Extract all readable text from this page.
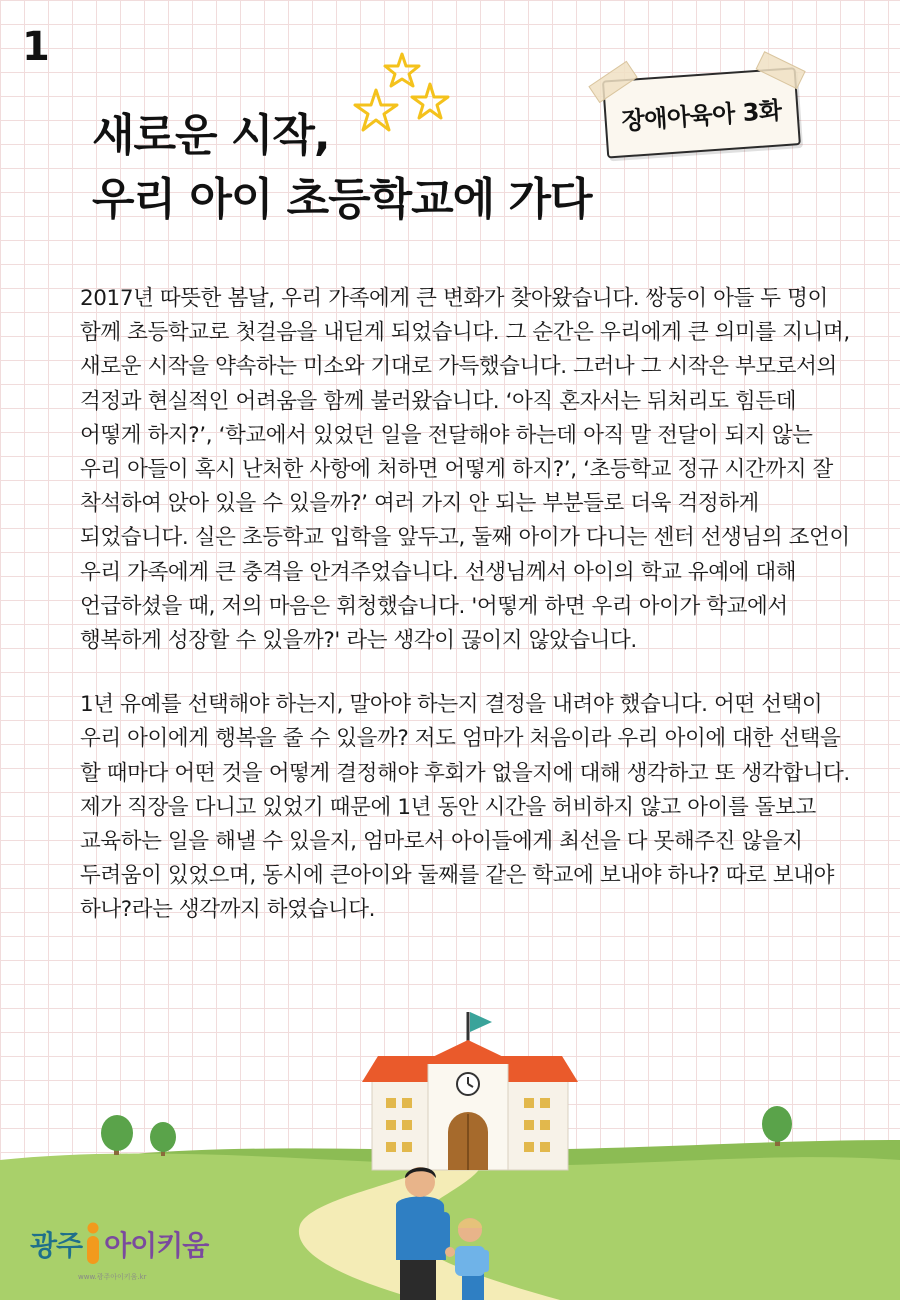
1
장애아육아 3화
새로운 시작,
우리 아이 초등학교에 가다

2017년 따뜻한 봄날, 우리 가족에게 큰 변화가 찾아왔습니다. 쌍둥이 아들 두 명이 함께 초등학교로 첫걸음을 내딛게 되었습니다. 그 순간은 우리에게 큰 의미를 지니며, 새로운 시작을 약속하는 미소와 기대로 가득했습니다. 그러나 그 시작은 부모로서의 걱정과 현실적인 어려움을 함께 불러왔습니다. ‘아직 혼자서는 뒤처리도 힘든데 어떻게 하지?’, ‘학교에서 있었던 일을 전달해야 하는데 아직 말 전달이 되지 않는 우리 아들이 혹시 난처한 사항에 처하면 어떻게 하지?’, ‘초등학교 정규 시간까지 잘 착석하여 앉아 있을 수 있을까?’ 여러 가지 안 되는 부분들로 더욱 걱정하게 되었습니다. 실은 초등학교 입학을 앞두고, 둘째 아이가 다니는 센터 선생님의 조언이 우리 가족에게 큰 충격을 안겨주었습니다. 선생님께서 아이의 학교 유예에 대해 언급하셨을 때, 저의 마음은 휘청했습니다. '어떻게 하면 우리 아이가 학교에서 행복하게 성장할 수 있을까?' 라는 생각이 끊이지 않았습니다.

1년 유예를 선택해야 하는지, 말아야 하는지 결정을 내려야 했습니다. 어떤 선택이 우리 아이에게 행복을 줄 수 있을까? 저도 엄마가 처음이라 우리 아이에 대한 선택을 할 때마다 어떤 것을 어떻게 결정해야 후회가 없을지에 대해 생각하고 또 생각합니다. 제가 직장을 다니고 있었기 때문에 1년 동안 시간을 허비하지 않고 아이를 돌보고 교육하는 일을 해낼 수 있을지, 엄마로서 아이들에게 최선을 다 못해주진 않을지 두려움이 있었으며, 동시에 큰아이와 둘째를 같은 학교에 보내야 하나? 따로 보내야 하나?라는 생각까지 하였습니다.

광주 아이키움
www.광주아이키움.kr
